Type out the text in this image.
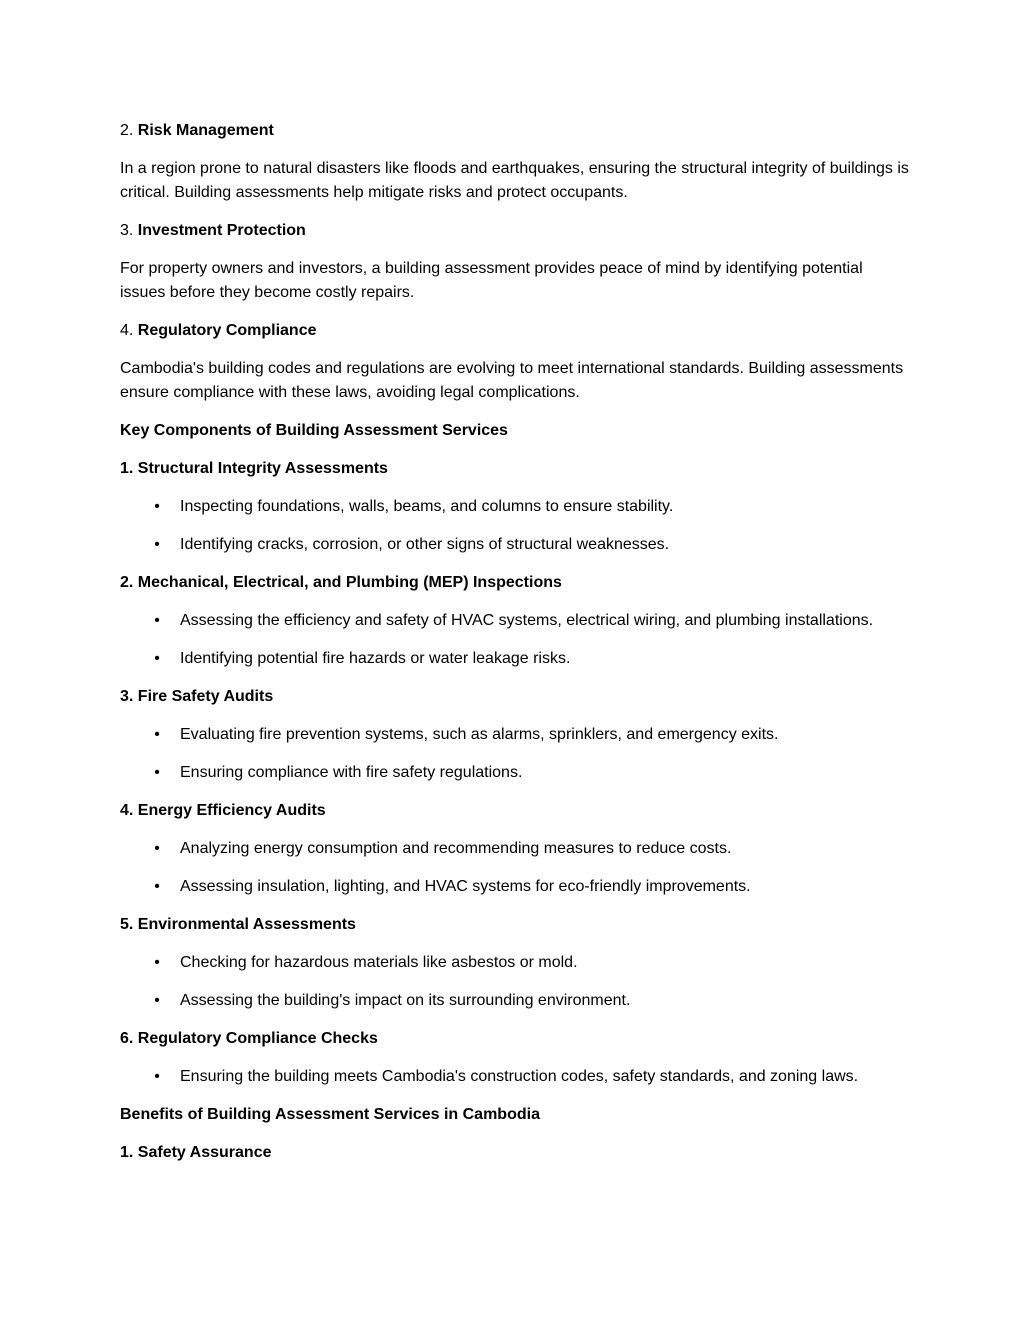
2. Risk Management

In a region prone to natural disasters like floods and earthquakes, ensuring the structural integrity of buildings is critical. Building assessments help mitigate risks and protect occupants.

3. Investment Protection

For property owners and investors, a building assessment provides peace of mind by identifying potential issues before they become costly repairs.

4. Regulatory Compliance

Cambodia's building codes and regulations are evolving to meet international standards. Building assessments ensure compliance with these laws, avoiding legal complications.

Key Components of Building Assessment Services

1. Structural Integrity Assessments

• Inspecting foundations, walls, beams, and columns to ensure stability.
• Identifying cracks, corrosion, or other signs of structural weaknesses.

2. Mechanical, Electrical, and Plumbing (MEP) Inspections

• Assessing the efficiency and safety of HVAC systems, electrical wiring, and plumbing installations.
• Identifying potential fire hazards or water leakage risks.

3. Fire Safety Audits

• Evaluating fire prevention systems, such as alarms, sprinklers, and emergency exits.
• Ensuring compliance with fire safety regulations.

4. Energy Efficiency Audits

• Analyzing energy consumption and recommending measures to reduce costs.
• Assessing insulation, lighting, and HVAC systems for eco-friendly improvements.

5. Environmental Assessments

• Checking for hazardous materials like asbestos or mold.
• Assessing the building's impact on its surrounding environment.

6. Regulatory Compliance Checks

• Ensuring the building meets Cambodia's construction codes, safety standards, and zoning laws.

Benefits of Building Assessment Services in Cambodia

1. Safety Assurance
